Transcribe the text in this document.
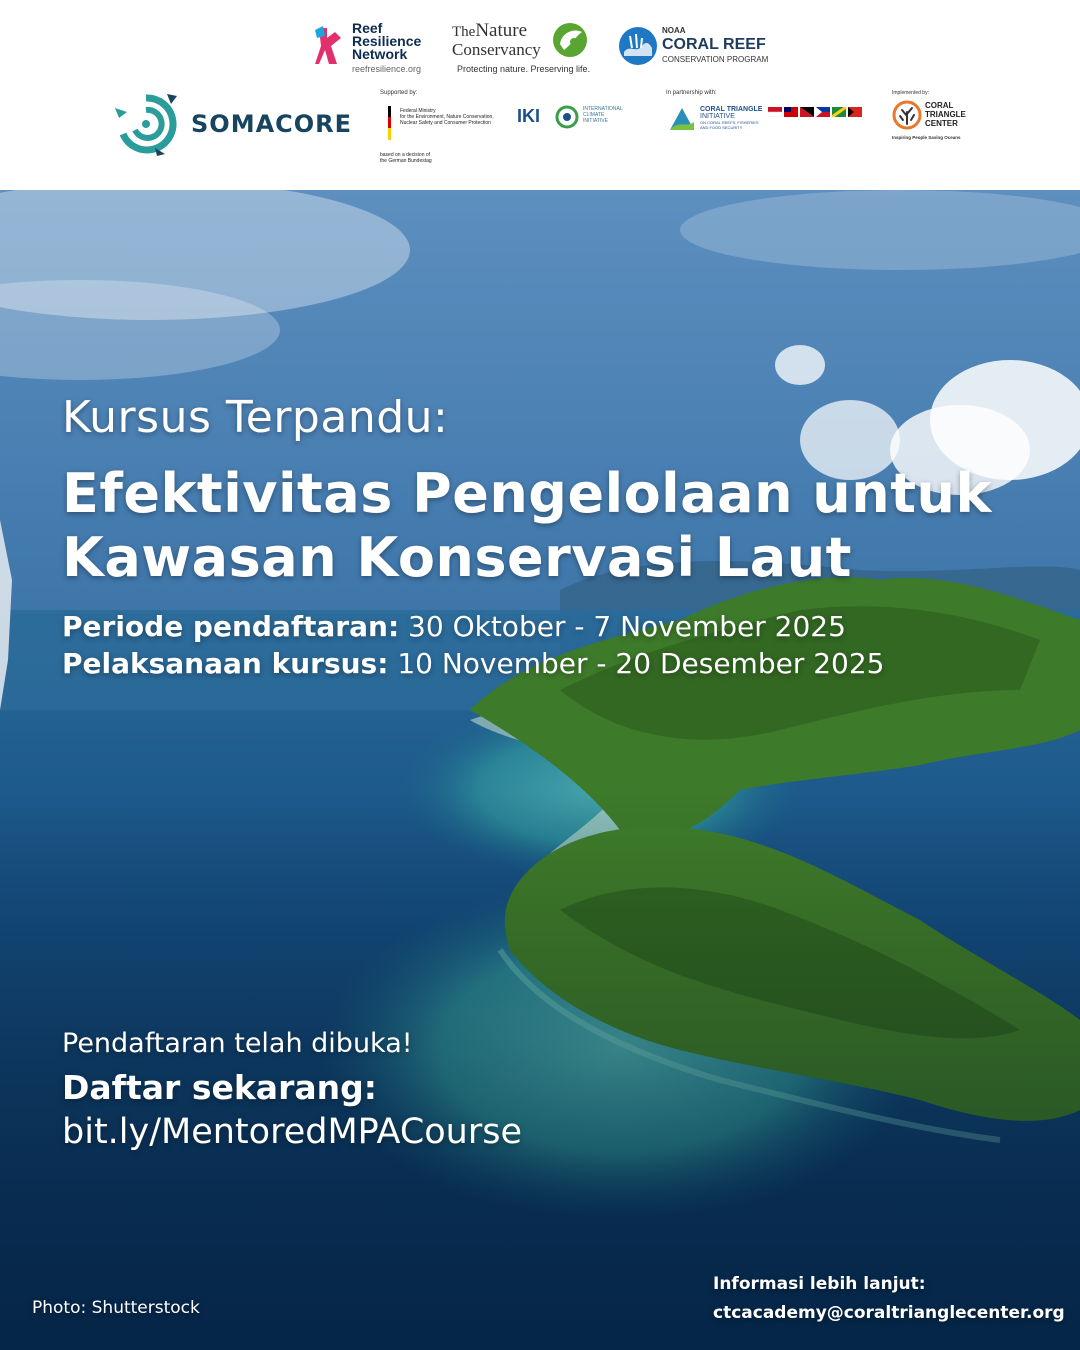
Reef
Resilience
Network
reefresilience.org
TheNature
Conservancy
Protecting nature. Preserving life.
NOAA
CORAL REEF
CONSERVATION PROGRAM
SOMACORE
Supported by:
Federal Ministry
for the Environment, Nature Conservation,
Nuclear Safety and Consumer Protection
based on a decision of
the German Bundestag
IKI	INTERNATIONAL
CLIMATE
INITIATIVE
In partnership with:
CORAL TRIANGLE
INITIATIVE
ON CORAL REEFS, FISHERIES
AND FOOD SECURITY
Implemented by:
CORAL
TRIANGLE
CENTER
Inspiring People Saving Oceans
Kursus Terpandu:
Efektivitas Pengelolaan untuk
Kawasan Konservasi Laut
Periode pendaftaran: 30 Oktober - 7 November 2025
Pelaksanaan kursus: 10 November - 20 Desember 2025
Pendaftaran telah dibuka!
Daftar sekarang:
bit.ly/MentoredMPACourse
Photo: Shutterstock
Informasi lebih lanjut:
ctcacademy@coraltrianglecenter.org
